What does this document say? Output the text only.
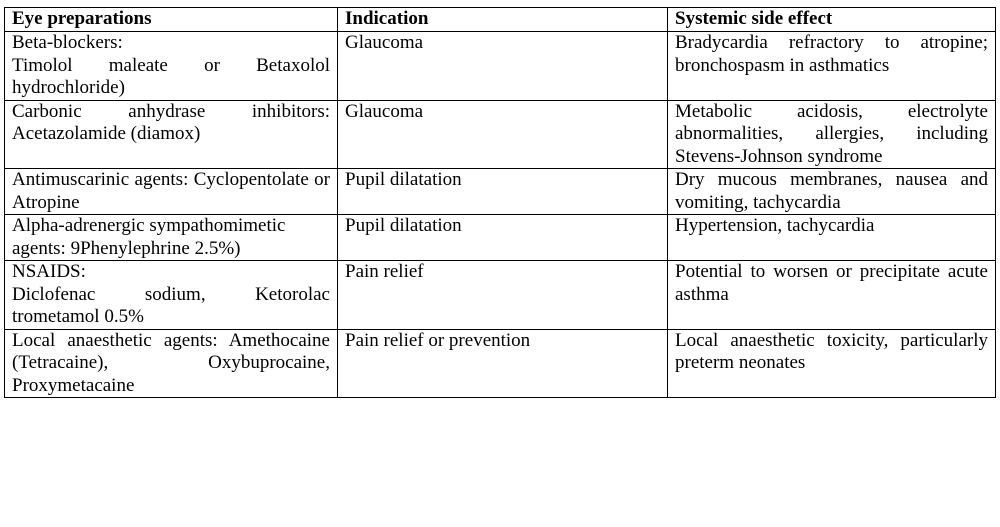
Eye preparations	Indication	Systemic side effect

Beta-blockers:
Timolol maleate or Betaxolol hydrochloride)	Glaucoma	Bradycardia refractory to atropine; bronchospasm in asthmatics

Carbonic anhydrase inhibitors: Acetazolamide (diamox)	Glaucoma	Metabolic acidosis, electrolyte abnormalities, allergies, including Stevens-Johnson syndrome

Antimuscarinic agents: Cyclopentolate or Atropine	Pupil dilatation	Dry mucous membranes, nausea and vomiting, tachycardia

Alpha-adrenergic sympathomimetic agents: 9Phenylephrine 2.5%)	Pupil dilatation	Hypertension, tachycardia

NSAIDS:
Diclofenac sodium, Ketorolac trometamol 0.5%	Pain relief	Potential to worsen or precipitate acute asthma

Local anaesthetic agents: Amethocaine (Tetracaine), Oxybuprocaine, Proxymetacaine	Pain relief or prevention	Local anaesthetic toxicity, particularly preterm neonates
